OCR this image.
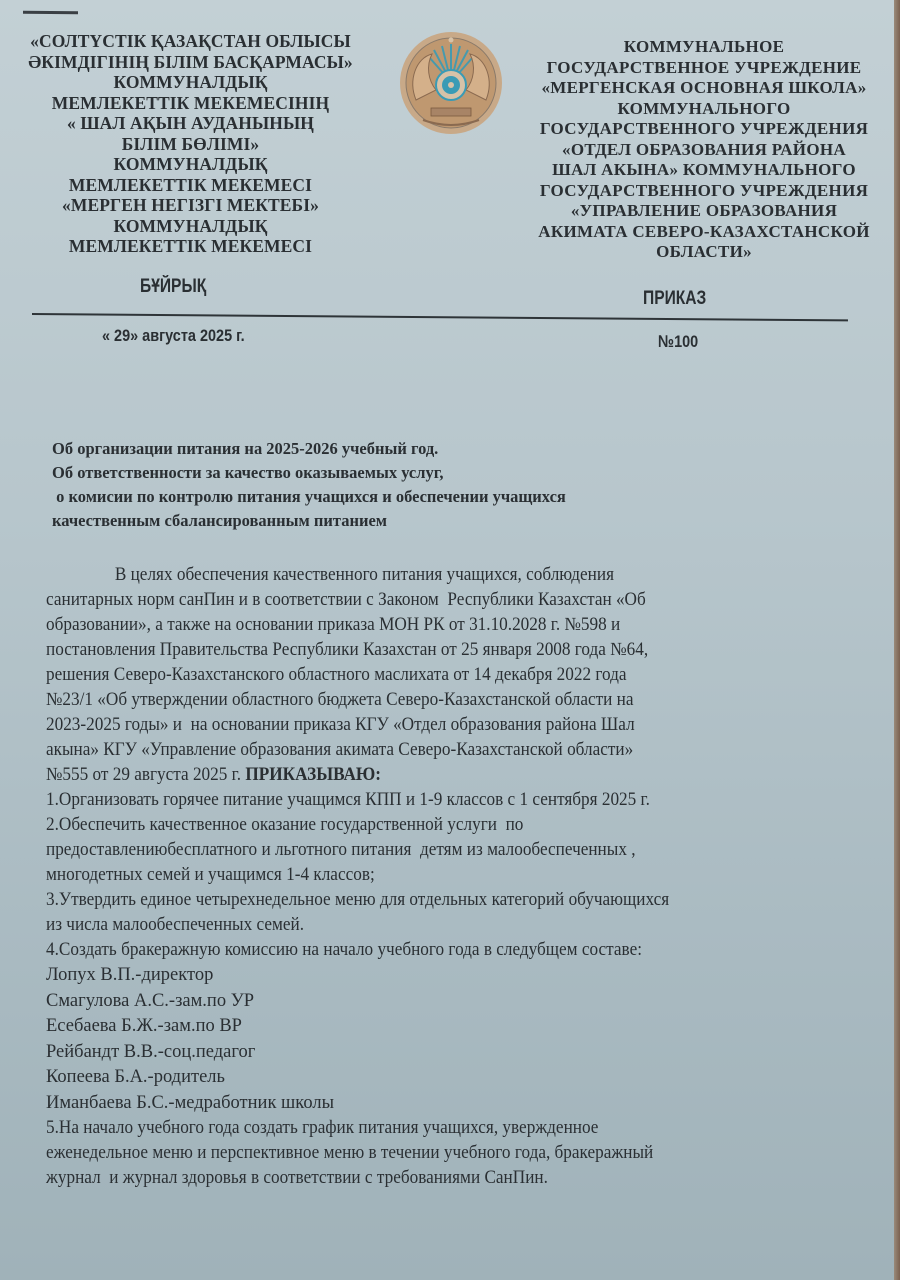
«СОЛТҮСТІК ҚАЗАҚСТАН ОБЛЫСЫ
ӘКІМДІГІНІҢ БІЛІМ БАСҚАРМАСЫ»
КОММУНАЛДЫҚ
МЕМЛЕКЕТТІК МЕКЕМЕСІНІҢ
« ШАЛ АҚЫН АУДАНЫНЫҢ
БІЛІМ БӨЛІМІ»
КОММУНАЛДЫҚ
МЕМЛЕКЕТТІК МЕКЕМЕСІ
«МЕРГЕН НЕГІЗГІ МЕКТЕБІ»
КОММУНАЛДЫҚ
МЕМЛЕКЕТТІК МЕКЕМЕСІ
КОММУНАЛЬНОЕ
ГОСУДАРСТВЕННОЕ УЧРЕЖДЕНИЕ
«МЕРГЕНСКАЯ ОСНОВНАЯ ШКОЛА»
КОММУНАЛЬНОГО
ГОСУДАРСТВЕННОГО УЧРЕЖДЕНИЯ
«ОТДЕЛ ОБРАЗОВАНИЯ РАЙОНА
ШАЛ АКЫНА» КОММУНАЛЬНОГО
ГОСУДАРСТВЕННОГО УЧРЕЖДЕНИЯ
«УПРАВЛЕНИЕ ОБРАЗОВАНИЯ
АКИМАТА СЕВЕРО-КАЗАХСТАНСКОЙ
ОБЛАСТИ»
БҰЙРЫҚ
ПРИКАЗ
« 29» августа 2025 г.	№100
Об организации питания на 2025-2026 учебный год.
Об ответственности за качество оказываемых услуг,
о комисии по контролю питания учащихся и обеспечении учащихся
качественным сбалансированным питанием
В целях обеспечения качественного питания учащихся, соблюдения
санитарных норм санПин и в соответствии с Законом  Республики Казахстан «Об
образовании», а также на основании приказа МОН РК от 31.10.2028 г. №598 и
постановления Правительства Республики Казахстан от 25 января 2008 года №64,
решения Северо-Казахстанского областного маслихата от 14 декабря 2022 года
№23/1 «Об утверждении областного бюджета Северо-Казахстанской области на
2023-2025 годы» и  на основании приказа КГУ «Отдел образования района Шал
акына» КГУ «Управление образования акимата Северо-Казахстанской области»
№555 от 29 августа 2025 г. ПРИКАЗЫВАЮ:
1.Организовать горячее питание учащимся КПП и 1-9 классов с 1 сентября 2025 г.
2.Обеспечить качественное оказание государственной услуги  по
предоставлениюбесплатного и льготного питания  детям из малообеспеченных ,
многодетных семей и учащимся 1-4 классов;
3.Утвердить единое четырехнедельное меню для отдельных категорий обучающихся
из числа малообеспеченных семей.
4.Создать бракеражную комиссию на начало учебного года в следубщем составе:
Лопух В.П.-директор
Смагулова А.С.-зам.по УР
Есебаева Б.Ж.-зам.по ВР
Рейбандт В.В.-соц.педагог
Копеева Б.А.-родитель
Иманбаева Б.С.-медработник школы
5.На начало учебного года создать график питания учащихся, увержденное
еженедельное меню и перспективное меню в течении учебного года, бракеражный
журнал  и журнал здоровья в соответствии с требованиями СанПин.
